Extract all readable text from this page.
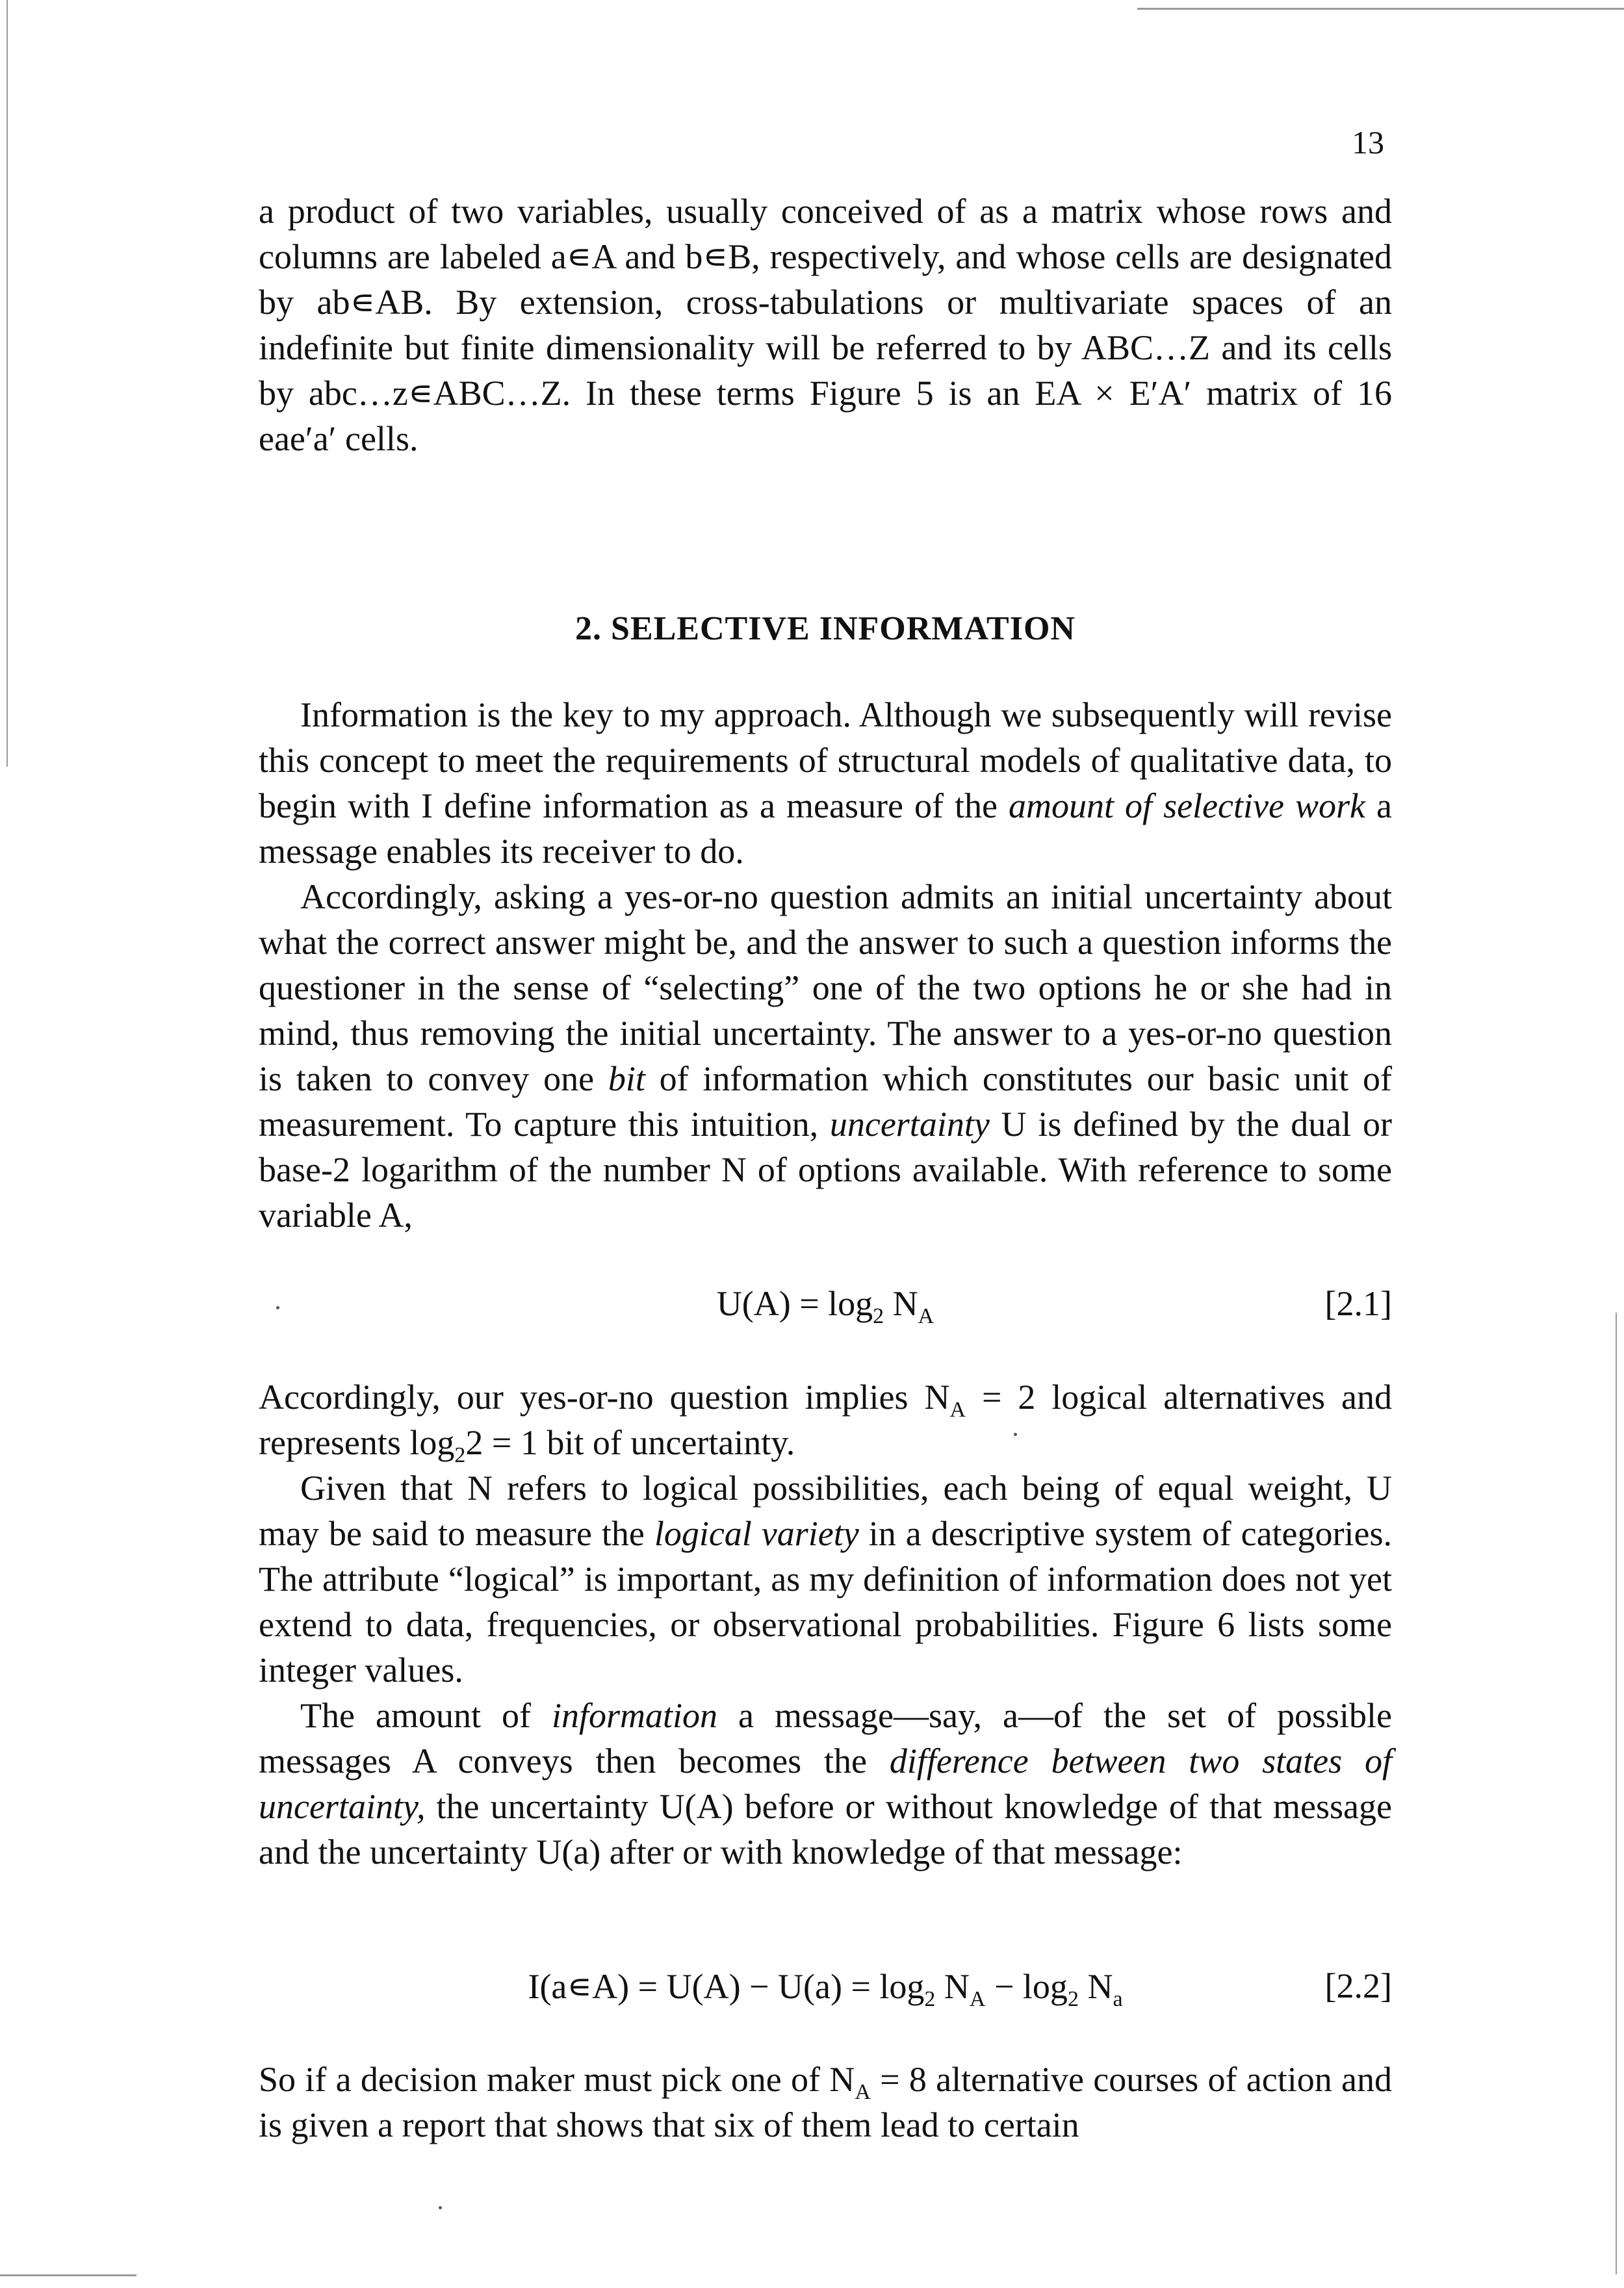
13

a product of two variables, usually conceived of as a matrix whose rows and columns are labeled a∊A and b∊B, respectively, and whose cells are designated by ab∊AB. By extension, cross-tabulations or multivariate spaces of an indefinite but finite dimensionality will be referred to by ABC…Z and its cells by abc…z∊ABC…Z. In these terms Figure 5 is an EA × E′A′ matrix of 16 eae′a′ cells.

2. SELECTIVE INFORMATION

Information is the key to my approach. Although we subsequently will revise this concept to meet the requirements of structural models of qualitative data, to begin with I define information as a measure of the amount of selective work a message enables its receiver to do.

Accordingly, asking a yes-or-no question admits an initial uncertainty about what the correct answer might be, and the answer to such a question informs the questioner in the sense of “selecting” one of the two options he or she had in mind, thus removing the initial uncertainty. The answer to a yes-or-no question is taken to convey one bit of information which constitutes our basic unit of measurement. To capture this intuition, uncertainty U is defined by the dual or base-2 logarithm of the number N of options available. With reference to some variable A,

$U(A) = \log_2 N_A$	[2.1]

Accordingly, our yes-or-no question implies $N_A = 2$ logical alternatives and represents $\log_22 = 1$ bit of uncertainty.

Given that N refers to logical possibilities, each being of equal weight, U may be said to measure the logical variety in a descriptive system of categories. The attribute “logical” is important, as my definition of information does not yet extend to data, frequencies, or observational probabilities. Figure 6 lists some integer values.

The amount of information a message—say, a—of the set of possible messages A conveys then becomes the difference between two states of uncertainty, the uncertainty U(A) before or without knowledge of that message and the uncertainty U(a) after or with knowledge of that message:

I(a∊A) = $U(A) - U(a) = \log_2 N_A - \log_2 N_a$	[2.2]

So if a decision maker must pick one of $N_A = 8$ alternative courses of action and is given a report that shows that six of them lead to certain
